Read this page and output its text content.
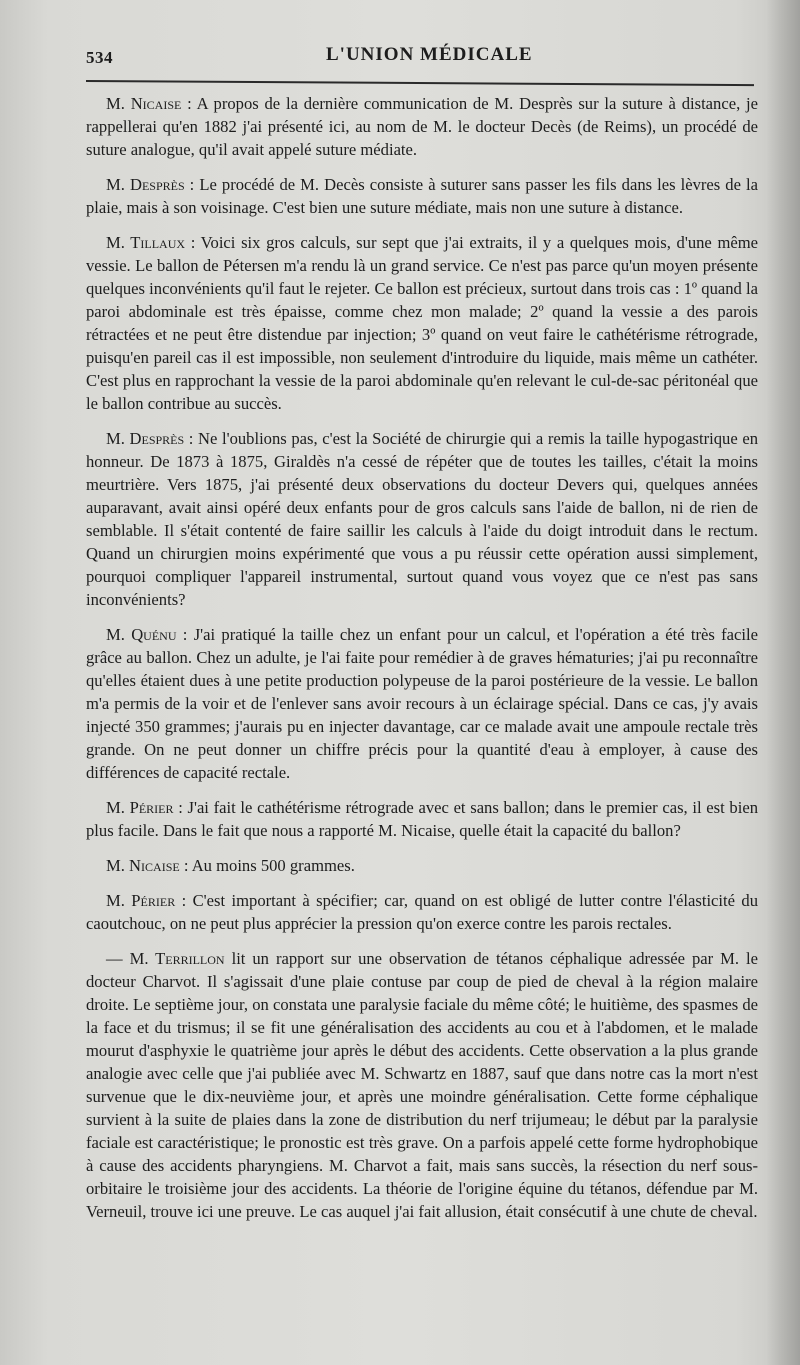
534	L'UNION MÉDICALE

M. Nicaise : A propos de la dernière communication de M. Desprès sur la suture à distance, je rappellerai qu'en 1882 j'ai présenté ici, au nom de M. le docteur Decès (de Reims), un procédé de suture analogue, qu'il avait appelé suture médiate.

M. Desprès : Le procédé de M. Decès consiste à suturer sans passer les fils dans les lèvres de la plaie, mais à son voisinage. C'est bien une suture médiate, mais non une suture à distance.

M. Tillaux : Voici six gros calculs, sur sept que j'ai extraits, il y a quelques mois, d'une même vessie. Le ballon de Pétersen m'a rendu là un grand service. Ce n'est pas parce qu'un moyen présente quelques inconvénients qu'il faut le rejeter. Ce ballon est précieux, surtout dans trois cas : 1º quand la paroi abdominale est très épaisse, comme chez mon malade; 2º quand la vessie a des parois rétractées et ne peut être distendue par injection; 3º quand on veut faire le cathétérisme rétrograde, puisqu'en pareil cas il est impossible, non seulement d'introduire du liquide, mais même un cathéter. C'est plus en rapprochant la vessie de la paroi abdominale qu'en relevant le cul-de-sac péritonéal que le ballon contribue au succès.

M. Desprès : Ne l'oublions pas, c'est la Société de chirurgie qui a remis la taille hypogastrique en honneur. De 1873 à 1875, Giraldès n'a cessé de répéter que de toutes les tailles, c'était la moins meurtrière. Vers 1875, j'ai présenté deux observations du docteur Devers qui, quelques années auparavant, avait ainsi opéré deux enfants pour de gros calculs sans l'aide de ballon, ni de rien de semblable. Il s'était contenté de faire saillir les calculs à l'aide du doigt introduit dans le rectum. Quand un chirurgien moins expérimenté que vous a pu réussir cette opération aussi simplement, pourquoi compliquer l'appareil instrumental, surtout quand vous voyez que ce n'est pas sans inconvénients?

M. Quénu : J'ai pratiqué la taille chez un enfant pour un calcul, et l'opération a été très facile grâce au ballon. Chez un adulte, je l'ai faite pour remédier à de graves hématuries; j'ai pu reconnaître qu'elles étaient dues à une petite production polypeuse de la paroi postérieure de la vessie. Le ballon m'a permis de la voir et de l'enlever sans avoir recours à un éclairage spécial. Dans ce cas, j'y avais injecté 350 grammes; j'aurais pu en injecter davantage, car ce malade avait une ampoule rectale très grande. On ne peut donner un chiffre précis pour la quantité d'eau à employer, à cause des différences de capacité rectale.

M. Périer : J'ai fait le cathétérisme rétrograde avec et sans ballon; dans le premier cas, il est bien plus facile. Dans le fait que nous a rapporté M. Nicaise, quelle était la capacité du ballon?

M. Nicaise : Au moins 500 grammes.

M. Périer : C'est important à spécifier; car, quand on est obligé de lutter contre l'élasticité du caoutchouc, on ne peut plus apprécier la pression qu'on exerce contre les parois rectales.

— M. Terrillon lit un rapport sur une observation de tétanos céphalique adressée par M. le docteur Charvot. Il s'agissait d'une plaie contuse par coup de pied de cheval à la région malaire droite. Le septième jour, on constata une paralysie faciale du même côté; le huitième, des spasmes de la face et du trismus; il se fit une généralisation des accidents au cou et à l'abdomen, et le malade mourut d'asphyxie le quatrième jour après le début des accidents. Cette observation a la plus grande analogie avec celle que j'ai publiée avec M. Schwartz en 1887, sauf que dans notre cas la mort n'est survenue que le dix-neuvième jour, et après une moindre généralisation. Cette forme céphalique survient à la suite de plaies dans la zone de distribution du nerf trijumeau; le début par la paralysie faciale est caractéristique; le pronostic est très grave. On a parfois appelé cette forme hydrophobique à cause des accidents pharyngiens. M. Charvot a fait, mais sans succès, la résection du nerf sous-orbitaire le troisième jour des accidents. La théorie de l'origine équine du tétanos, défendue par M. Verneuil, trouve ici une preuve. Le cas auquel j'ai fait allusion, était consécutif à une chute de cheval.
